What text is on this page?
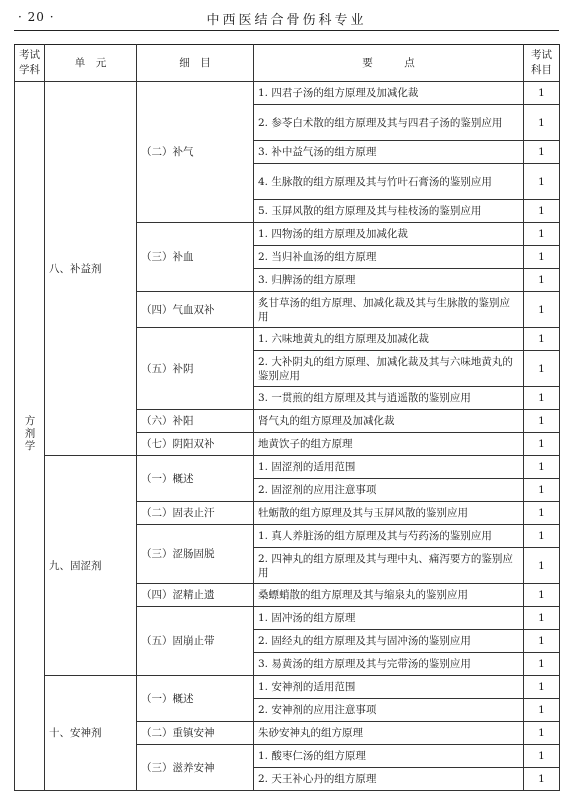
· 20 ·	中西医结合骨伤科专业
考试
学科	单　元	细　目	要　　　点	考试
科目

方剂学	八、补益剂	（二）补气	1. 四君子汤的组方原理及加减化裁	1
			2. 参苓白术散的组方原理及其与四君子汤的鉴别应用	1
			3. 补中益气汤的组方原理	1
			4. 生脉散的组方原理及其与竹叶石膏汤的鉴别应用	1
			5. 玉屏风散的组方原理及其与桂枝汤的鉴别应用	1
		（三）补血	1. 四物汤的组方原理及加减化裁	1
			2. 当归补血汤的组方原理	1
			3. 归脾汤的组方原理	1
		（四）气血双补	炙甘草汤的组方原理、加减化裁及其与生脉散的鉴别应用	1
		（五）补阴	1. 六味地黄丸的组方原理及加减化裁	1
			2. 大补阴丸的组方原理、加减化裁及其与六味地黄丸的鉴别应用	1
			3. 一贯煎的组方原理及其与逍遥散的鉴别应用	1
		（六）补阳	肾气丸的组方原理及加减化裁	1
		（七）阴阳双补	地黄饮子的组方原理	1
	九、固涩剂	（一）概述	1. 固涩剂的适用范围	1
			2. 固涩剂的应用注意事项	1
		（二）固表止汗	牡蛎散的组方原理及其与玉屏风散的鉴别应用	1
		（三）涩肠固脱	1. 真人养脏汤的组方原理及其与芍药汤的鉴别应用	1
			2. 四神丸的组方原理及其与理中丸、痛泻要方的鉴别应用	1
		（四）涩精止遗	桑螵蛸散的组方原理及其与缩泉丸的鉴别应用	1
		（五）固崩止带	1. 固冲汤的组方原理	1
			2. 固经丸的组方原理及其与固冲汤的鉴别应用	1
			3. 易黄汤的组方原理及其与完带汤的鉴别应用	1
	十、安神剂	（一）概述	1. 安神剂的适用范围	1
			2. 安神剂的应用注意事项	1
		（二）重镇安神	朱砂安神丸的组方原理	1
		（三）滋养安神	1. 酸枣仁汤的组方原理	1
			2. 天王补心丹的组方原理	1
